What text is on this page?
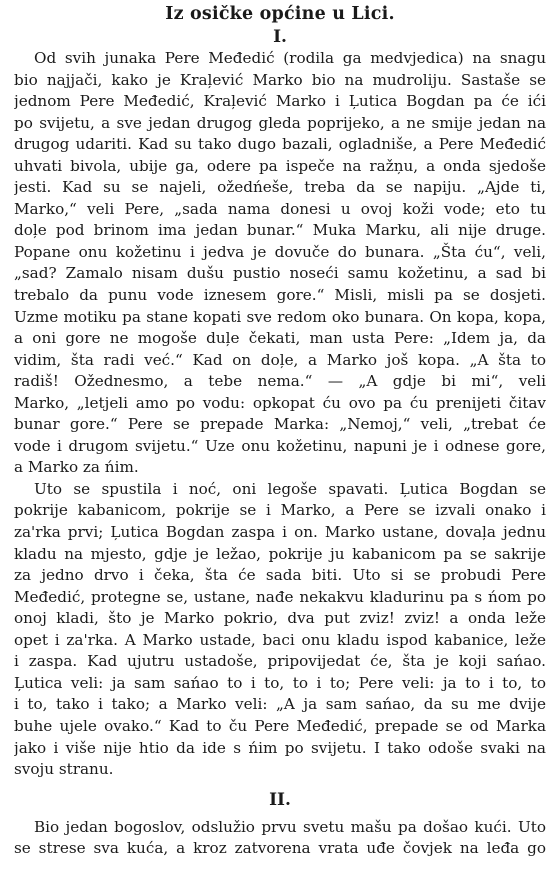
Iz osičke općine u Lici.
I.
Od svih junaka Pere Međedić (rodila ga medvjedica) na snagu
bio najjači, kako je Kraļević Marko bio na mudroliju. Sastaše se
jednom Pere Međedić, Kraļević Marko i Ļutica Bogdan pa će ići
po svijetu, a sve jedan drugog gleda poprijeko, a ne smije jedan na
drugog udariti. Kad su tako dugo bazali, ogladniše, a Pere Međedić
uhvati bivola, ubije ga, odere pa ispeče na ražņu, a onda sjedoše
jesti. Kad su se najeli, ožedńeše, treba da se napiju. „Ajde ti,
Marko,“ veli Pere, „sada nama donesi u ovoj koži vode; eto tu
doļe pod brinom ima jedan bunar.“ Muka Marku, ali nije druge.
Popane onu kožetinu i jedva je dovuče do bunara. „Šta ću“, veli,
„sad? Zamalo nisam dušu pustio noseći samu kožetinu, a sad bi
trebalo da punu vode iznesem gore.“ Misli, misli pa se dosjeti.
Uzme motiku pa stane kopati sve redom oko bunara. On kopa, kopa,
a oni gore ne mogoše duļe čekati, man usta Pere: „Idem ja, da
vidim, šta radi već.“ Kad on doļe, a Marko još kopa. „A šta to
radiš! Ožednesmo, a tebe nema.“ — „A gdje bi mi“, veli
Marko, „letjeli amo po vodu: opkopat ću ovo pa ću prenijeti čitav
bunar gore.“ Pere se prepade Marka: „Nemoj,“ veli, „trebat će
vode i drugom svijetu.“ Uze onu kožetinu, napuni je i odnese gore,
a Marko za ńim.
Uto se spustila i noć, oni legoše spavati. Ļutica Bogdan se
pokrije kabanicom, pokrije se i Marko, a Pere se izvali onako i
za'rka prvi; Ļutica Bogdan zaspa i on. Marko ustane, dovaļa jednu
kladu na mjesto, gdje je ležao, pokrije ju kabanicom pa se sakrije
za jedno drvo i čeka, šta će sada biti. Uto si se probudi Pere
Međedić, protegne se, ustane, nađe nekakvu kladurinu pa s ńom po
onoj kladi, što je Marko pokrio, dva put zviz! zviz! a onda leže
opet i za'rka. A Marko ustade, baci onu kladu ispod kabanice, leže
i zaspa. Kad ujutru ustadoše, pripovijedat će, šta je koji sańao.
Ļutica veli: ja sam sańao to i to, to i to; Pere veli: ja to i to, to
i to, tako i tako; a Marko veli: „A ja sam sańao, da su me dvije
buhe ujele ovako.“ Kad to ču Pere Međedić, prepade se od Marka
jako i više nije htio da ide s ńim po svijetu. I tako odoše svaki na
svoju stranu.
II.
Bio jedan bogoslov, odslužio prvu svetu mašu pa došao kući. Uto
se strese sva kuća, a kroz zatvorena vrata uđe čovjek na leđa go
